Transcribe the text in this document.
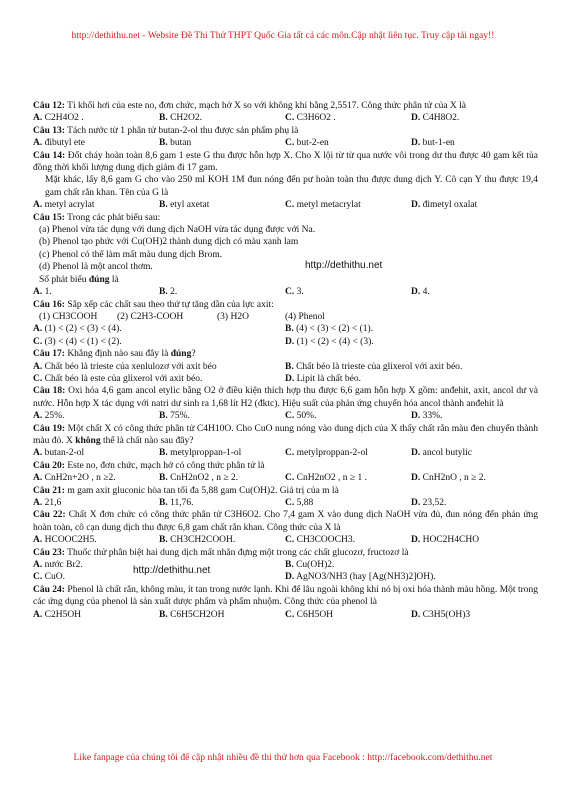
http://dethithu.net - Website Đề Thi Thử THPT Quốc Gia tất cả các môn.Cập nhật liên tục. Truy cập tải ngay!!
Câu 12: Tỉ khối hơi của este no, đơn chức, mạch hở X so với không khí bằng 2,5517. Công thức phân tử của X là
A. C2H4O2 .	B. CH2O2.	C. C3H6O2 .	D. C4H8O2.
Câu 13: Tách nước từ 1 phân tử butan-2-ol thu được sản phẩm phụ là
A. đibutyl ete	B. butan	C. but-2-en	D. but-1-en
Câu 14: Đốt cháy hoàn toàn 8,6 gam 1 este G thu được hỗn hợp X. Cho X lội từ từ qua nước vôi trong dư thu được 40 gam kết tủa đồng thời khối lượng dung dịch giảm đi 17 gam.
Mặt khác, lấy 8,6 gam G cho vào 250 ml KOH 1M đun nóng đến pư hoàn toàn thu được dung dịch Y. Cô cạn Y thu được 19,4 gam chất rắn khan. Tên của G là
A. metyl acrylat	B. etyl axetat	C. metyl metacrylat	D. đimetyl oxalat
Câu 15: Trong các phát biểu sau:
(a) Phenol vừa tác dụng với dung dịch NaOH vừa tác dụng được với Na.
(b) Phenol tạo phức với Cu(OH)2 thành dung dịch có màu xanh lam
(c) Phenol có thể làm mất màu dung dịch Brom.
(d) Phenol là một ancol thơm.	http://dethithu.net
Số phát biểu đúng là
A. 1.	B. 2.	C. 3.	D. 4.
Câu 16: Sắp xếp các chất sau theo thứ tự tăng dần của lực axit:
(1) CH3COOH	(2) C2H3-COOH	(3) H2O	(4) Phenol
A. (1) < (2) < (3) < (4).	B. (4) < (3) < (2) < (1).
C. (3) < (4) < (1) < (2).	D. (1) < (2) < (4) < (3).
Câu 17: Khẳng định nào sau đây là đúng?
A. Chất béo là trieste của xenlulozơ với axit béo	B. Chất béo là trieste của glixerol với axit béo.
C. Chất béo là este của glixerol với axit béo.	D. Lipit là chất béo.
Câu 18: Oxi hóa 4,6 gam ancol etylic bằng O2 ở điều kiện thích hợp thu được 6,6 gam hỗn hợp X gồm: anđehit, axit, ancol dư và nước. Hỗn hợp X tác dụng với natri dư sinh ra 1,68 lít H2 (đktc). Hiệu suất của phản ứng chuyển hóa ancol thành anđehit là
A. 25%.	B. 75%.	C. 50%.	D. 33%.
Câu 19: Một chất X có công thức phân tử C4H10O. Cho CuO nung nóng vào dung dịch của X thấy chất rắn màu đen chuyển thành màu đỏ. X không thể là chất nào sau đây?
A. butan-2-ol	B. metylproppan-1-ol	C. metylproppan-2-ol	D. ancol butylic
Câu 20: Este no, đơn chức, mạch hở có công thức phân tử là
A. CnH2n+2O , n ≥2.	B. CnH2nO2 , n ≥ 2.	C. CnH2nO2 , n ≥ 1 .	D. CnH2nO , n ≥ 2.
Câu 21: m gam axit gluconic hòa tan tối đa 5,88 gam Cu(OH)2. Giá trị của m là
A. 21,6	B. 11,76.	C. 5,88	D. 23,52.
Câu 22: Chất X đơn chức có công thức phân tử C3H6O2. Cho 7,4 gam X vào dung dịch NaOH vừa đủ, đun nóng đến phản ứng hoàn toàn, cô cạn dung dịch thu được 6,8 gam chất rắn khan. Công thức của X là
A. HCOOC2H5.	B. CH3CH2COOH.	C. CH3COOCH3.	D. HOC2H4CHO
Câu 23: Thuốc thử phân biệt hai dung dịch mất nhãn đựng một trong các chất glucozơ, fructozơ là
A. nước Br2.	B. Cu(OH)2.
http://dethithu.net
C. CuO.	D. AgNO3/NH3 (hay [Ag(NH3)2]OH).
Câu 24: Phenol là chất rắn, không màu, ít tan trong nước lạnh. Khi để lâu ngoài không khí nó bị oxi hóa thành màu hồng. Một trong các ứng dụng của phenol là sản xuất dược phẩm và phẩm nhuộm. Công thức của phenol là
A. C2H5OH	B. C6H5CH2OH	C. C6H5OH	D. C3H5(OH)3
Like fanpage của chúng tôi để cập nhật nhiều đề thi thử hơn qua Facebook : http://facebook.com/dethithu.net
